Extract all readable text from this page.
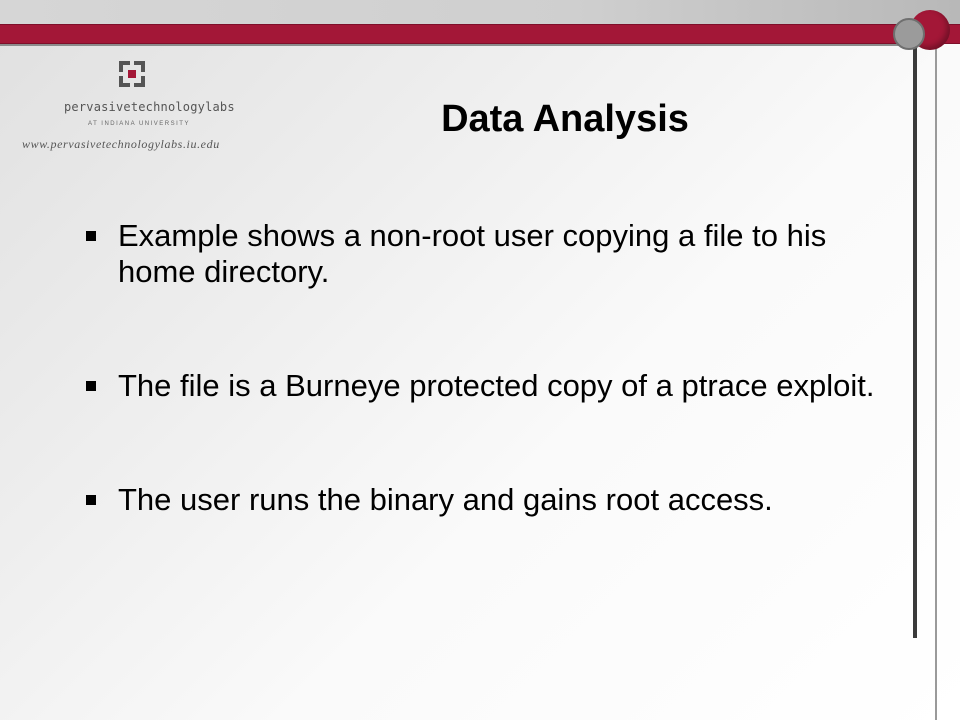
pervasivetechnologylabs
AT INDIANA UNIVERSITY
www.pervasivetechnologylabs.iu.edu
Data Analysis
Example shows a non-root user copying a file to his home directory.
The file is a Burneye protected copy of a ptrace exploit.
The user runs the binary and gains root access.
